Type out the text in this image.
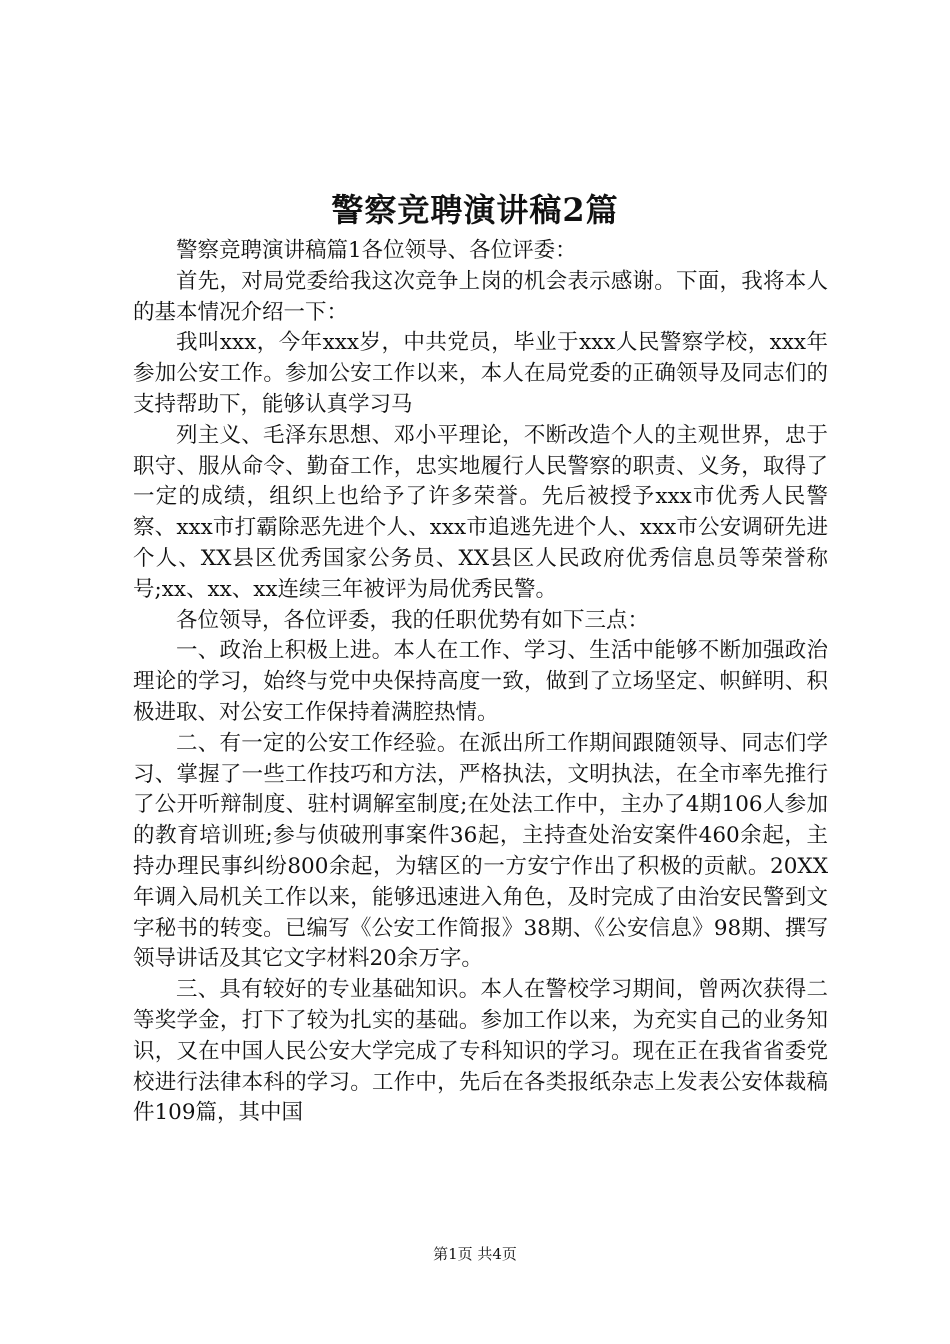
警察竞聘演讲稿2篇

警察竞聘演讲稿篇1各位领导、各位评委：

首先，对局党委给我这次竞争上岗的机会表示感谢。下面，我将本人的基本情况介绍一下：

我叫xxx，今年xxx岁，中共党员，毕业于xxx人民警察学校，xxx年参加公安工作。参加公安工作以来，本人在局党委的正确领导及同志们的支持帮助下，能够认真学习马

列主义、毛泽东思想、邓小平理论，不断改造个人的主观世界，忠于职守、服从命令、勤奋工作，忠实地履行人民警察的职责、义务，取得了一定的成绩，组织上也给予了许多荣誉。先后被授予xxx市优秀人民警察、xxx市打霸除恶先进个人、xxx市追逃先进个人、xxx市公安调研先进个人、XX县区优秀国家公务员、XX县区人民政府优秀信息员等荣誉称号;xx、xx、xx连续三年被评为局优秀民警。

各位领导，各位评委，我的任职优势有如下三点：

一、政治上积极上进。本人在工作、学习、生活中能够不断加强政治理论的学习，始终与党中央保持高度一致，做到了立场坚定、帜鲜明、积极进取、对公安工作保持着满腔热情。

二、有一定的公安工作经验。在派出所工作期间跟随领导、同志们学习、掌握了一些工作技巧和方法，严格执法，文明执法，在全市率先推行了公开听辩制度、驻村调解室制度;在处法工作中，主办了4期106人参加的教育培训班;参与侦破刑事案件36起，主持查处治安案件460余起，主持办理民事纠纷800余起，为辖区的一方安宁作出了积极的贡献。20XX年调入局机关工作以来，能够迅速进入角色，及时完成了由治安民警到文字秘书的转变。已编写《公安工作简报》38期、《公安信息》98期、撰写领导讲话及其它文字材料20余万字。

三、具有较好的专业基础知识。本人在警校学习期间，曾两次获得二等奖学金，打下了较为扎实的基础。参加工作以来，为充实自己的业务知识，又在中国人民公安大学完成了专科知识的学习。现在正在我省省委党校进行法律本科的学习。工作中，先后在各类报纸杂志上发表公安体裁稿件109篇，其中国

第1页 共4页
